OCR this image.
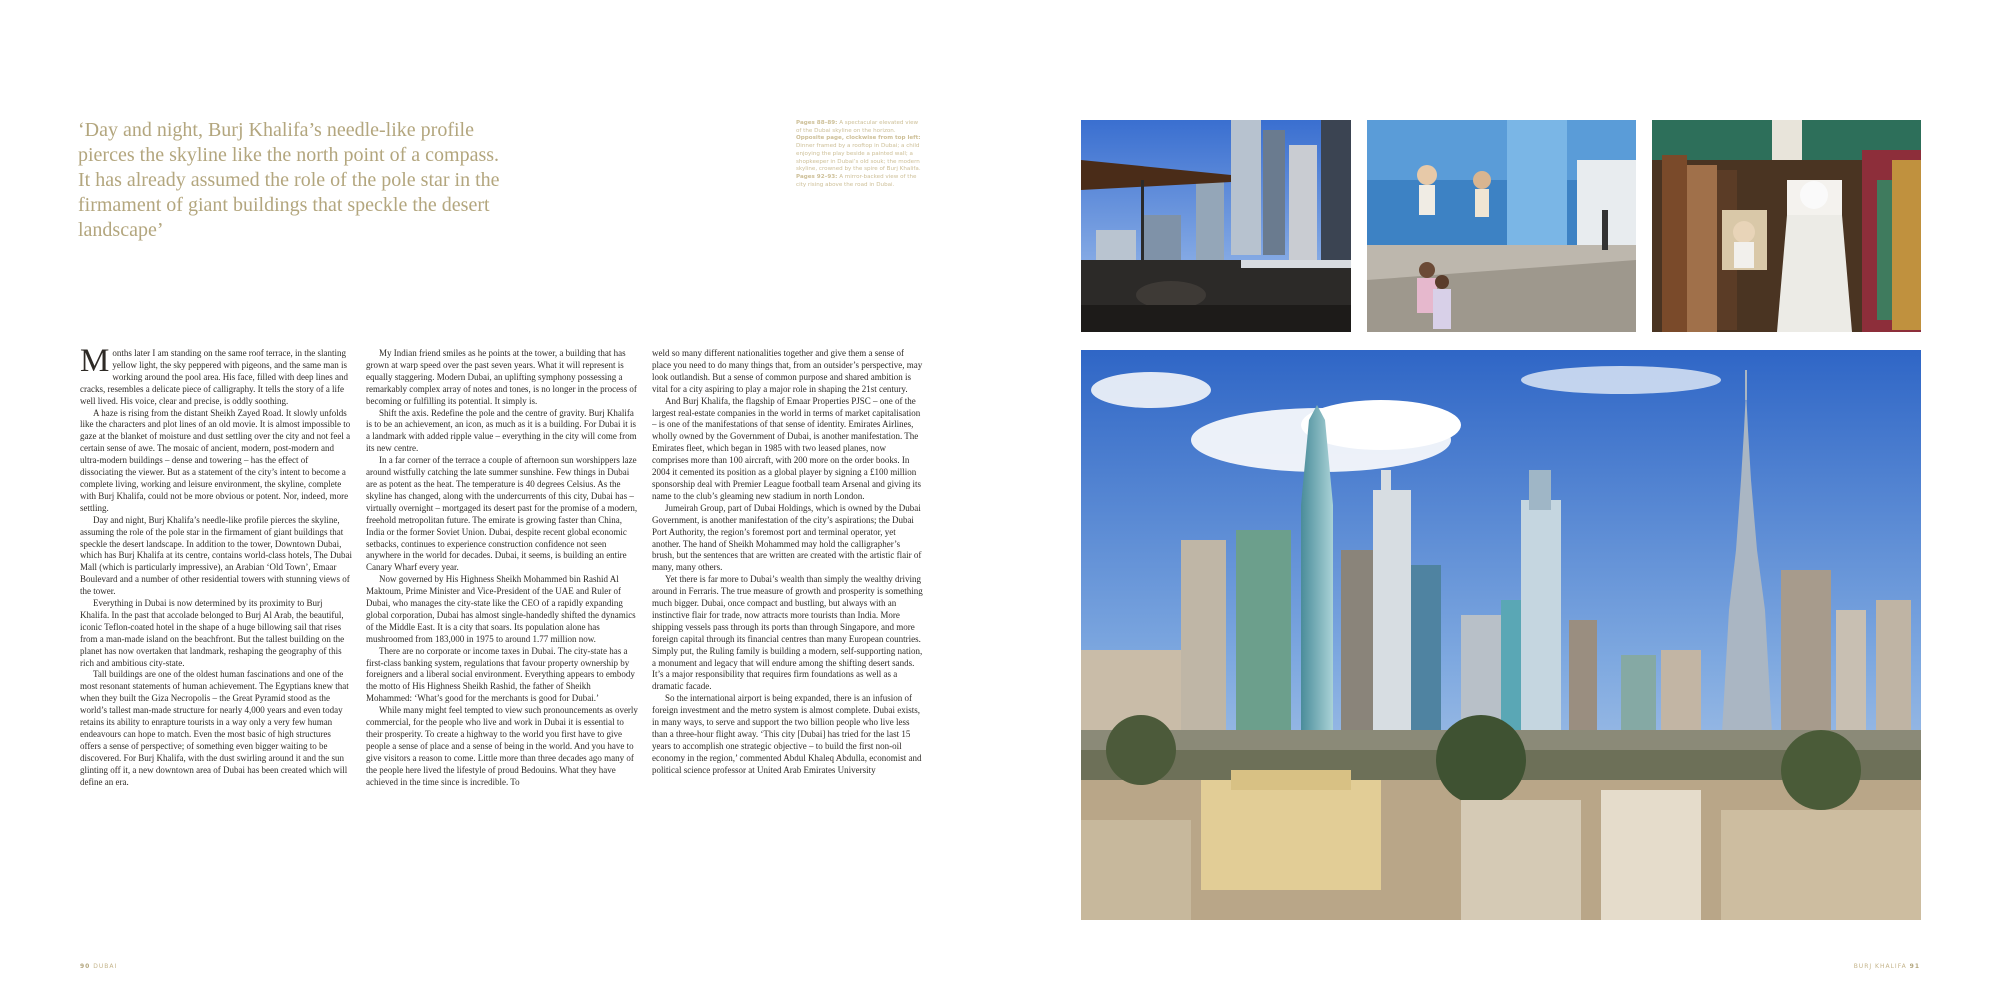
‘Day and night, Burj Khalifa’s needle-like profile pierces the skyline like the north point of a compass. It has already assumed the role of the pole star in the firmament of giant buildings that speckle the desert landscape’

Pages 88–89: A spectacular elevated view of the Dubai skyline on the horizon.

Opposite page, clockwise from top left: Dinner framed by a rooftop in Dubai; a child enjoying the play beside a painted wall; a shopkeeper in Dubai’s old souk; the modern skyline, crowned by the spire of Burj Khalifa.

Pages 92–93: A mirror-backed view of the city rising above the road in Dubai.

Months later I am standing on the same roof terrace, in the slanting yellow light, the sky peppered with pigeons, and the same man is working around the pool area. His face, filled with deep lines and cracks, resembles a delicate piece of calligraphy. It tells the story of a life well lived. His voice, clear and precise, is oddly soothing.

A haze is rising from the distant Sheikh Zayed Road. It slowly unfolds like the characters and plot lines of an old movie. It is almost impossible to gaze at the blanket of moisture and dust settling over the city and not feel a certain sense of awe. The mosaic of ancient, modern, post-modern and ultra-modern buildings – dense and towering – has the effect of dissociating the viewer. But as a statement of the city’s intent to become a complete living, working and leisure environment, the skyline, complete with Burj Khalifa, could not be more obvious or potent. Nor, indeed, more settling.

Day and night, Burj Khalifa’s needle-like profile pierces the skyline, assuming the role of the pole star in the firmament of giant buildings that speckle the desert landscape. In addition to the tower, Downtown Dubai, which has Burj Khalifa at its centre, contains world-class hotels, The Dubai Mall (which is particularly impressive), an Arabian ‘Old Town’, Emaar Boulevard and a number of other residential towers with stunning views of the tower.

Everything in Dubai is now determined by its proximity to Burj Khalifa. In the past that accolade belonged to Burj Al Arab, the beautiful, iconic Teflon-coated hotel in the shape of a huge billowing sail that rises from a man-made island on the beachfront. But the tallest building on the planet has now overtaken that landmark, reshaping the geography of this rich and ambitious city-state.

Tall buildings are one of the oldest human fascinations and one of the most resonant statements of human achievement. The Egyptians knew that when they built the Giza Necropolis – the Great Pyramid stood as the world’s tallest man-made structure for nearly 4,000 years and even today retains its ability to enrapture tourists in a way only a very few human endeavours can hope to match. Even the most basic of high structures offers a sense of perspective; of something even bigger waiting to be discovered. For Burj Khalifa, with the dust swirling around it and the sun glinting off it, a new downtown area of Dubai has been created which will define an era.

My Indian friend smiles as he points at the tower, a building that has grown at warp speed over the past seven years. What it will represent is equally staggering. Modern Dubai, an uplifting symphony possessing a remarkably complex array of notes and tones, is no longer in the process of becoming or fulfilling its potential. It simply is.

Shift the axis. Redefine the pole and the centre of gravity. Burj Khalifa is to be an achievement, an icon, as much as it is a building. For Dubai it is a landmark with added ripple value – everything in the city will come from its new centre.

In a far corner of the terrace a couple of afternoon sun worshippers laze around wistfully catching the late summer sunshine. Few things in Dubai are as potent as the heat. The temperature is 40 degrees Celsius. As the skyline has changed, along with the undercurrents of this city, Dubai has – virtually overnight – mortgaged its desert past for the promise of a modern, freehold metropolitan future. The emirate is growing faster than China, India or the former Soviet Union. Dubai, despite recent global economic setbacks, continues to experience construction confidence not seen anywhere in the world for decades. Dubai, it seems, is building an entire Canary Wharf every year.

Now governed by His Highness Sheikh Mohammed bin Rashid Al Maktoum, Prime Minister and Vice-President of the UAE and Ruler of Dubai, who manages the city-state like the CEO of a rapidly expanding global corporation, Dubai has almost single-handedly shifted the dynamics of the Middle East. It is a city that soars. Its population alone has mushroomed from 183,000 in 1975 to around 1.77 million now.

There are no corporate or income taxes in Dubai. The city-state has a first-class banking system, regulations that favour property ownership by foreigners and a liberal social environment. Everything appears to embody the motto of His Highness Sheikh Rashid, the father of Sheikh Mohammed: ‘What’s good for the merchants is good for Dubai.’

While many might feel tempted to view such pronouncements as overly commercial, for the people who live and work in Dubai it is essential to their prosperity. To create a highway to the world you first have to give people a sense of place and a sense of being in the world. And you have to give visitors a reason to come. Little more than three decades ago many of the people here lived the lifestyle of proud Bedouins. What they have achieved in the time since is incredible. To

weld so many different nationalities together and give them a sense of place you need to do many things that, from an outsider’s perspective, may look outlandish. But a sense of common purpose and shared ambition is vital for a city aspiring to play a major role in shaping the 21st century.

And Burj Khalifa, the flagship of Emaar Properties PJSC – one of the largest real-estate companies in the world in terms of market capitalisation – is one of the manifestations of that sense of identity. Emirates Airlines, wholly owned by the Government of Dubai, is another manifestation. The Emirates fleet, which began in 1985 with two leased planes, now comprises more than 100 aircraft, with 200 more on the order books. In 2004 it cemented its position as a global player by signing a £100 million sponsorship deal with Premier League football team Arsenal and giving its name to the club’s gleaming new stadium in north London.

Jumeirah Group, part of Dubai Holdings, which is owned by the Dubai Government, is another manifestation of the city’s aspirations; the Dubai Port Authority, the region’s foremost port and terminal operator, yet another. The hand of Sheikh Mohammed may hold the calligrapher’s brush, but the sentences that are written are created with the artistic flair of many, many others.

Yet there is far more to Dubai’s wealth than simply the wealthy driving around in Ferraris. The true measure of growth and prosperity is something much bigger. Dubai, once compact and bustling, but always with an instinctive flair for trade, now attracts more tourists than India. More shipping vessels pass through its ports than through Singapore, and more foreign capital through its financial centres than many European countries. Simply put, the Ruling family is building a modern, self-supporting nation, a monument and legacy that will endure among the shifting desert sands. It’s a major responsibility that requires firm foundations as well as a dramatic facade.

So the international airport is being expanded, there is an infusion of foreign investment and the metro system is almost complete. Dubai exists, in many ways, to serve and support the two billion people who live less than a three-hour flight away. ‘This city [Dubai] has tried for the last 15 years to accomplish one strategic objective – to build the first non-oil economy in the region,’ commented Abdul Khaleq Abdulla, economist and political science professor at United Arab Emirates University

90 DUBAI	BURJ KHALIFA 91
